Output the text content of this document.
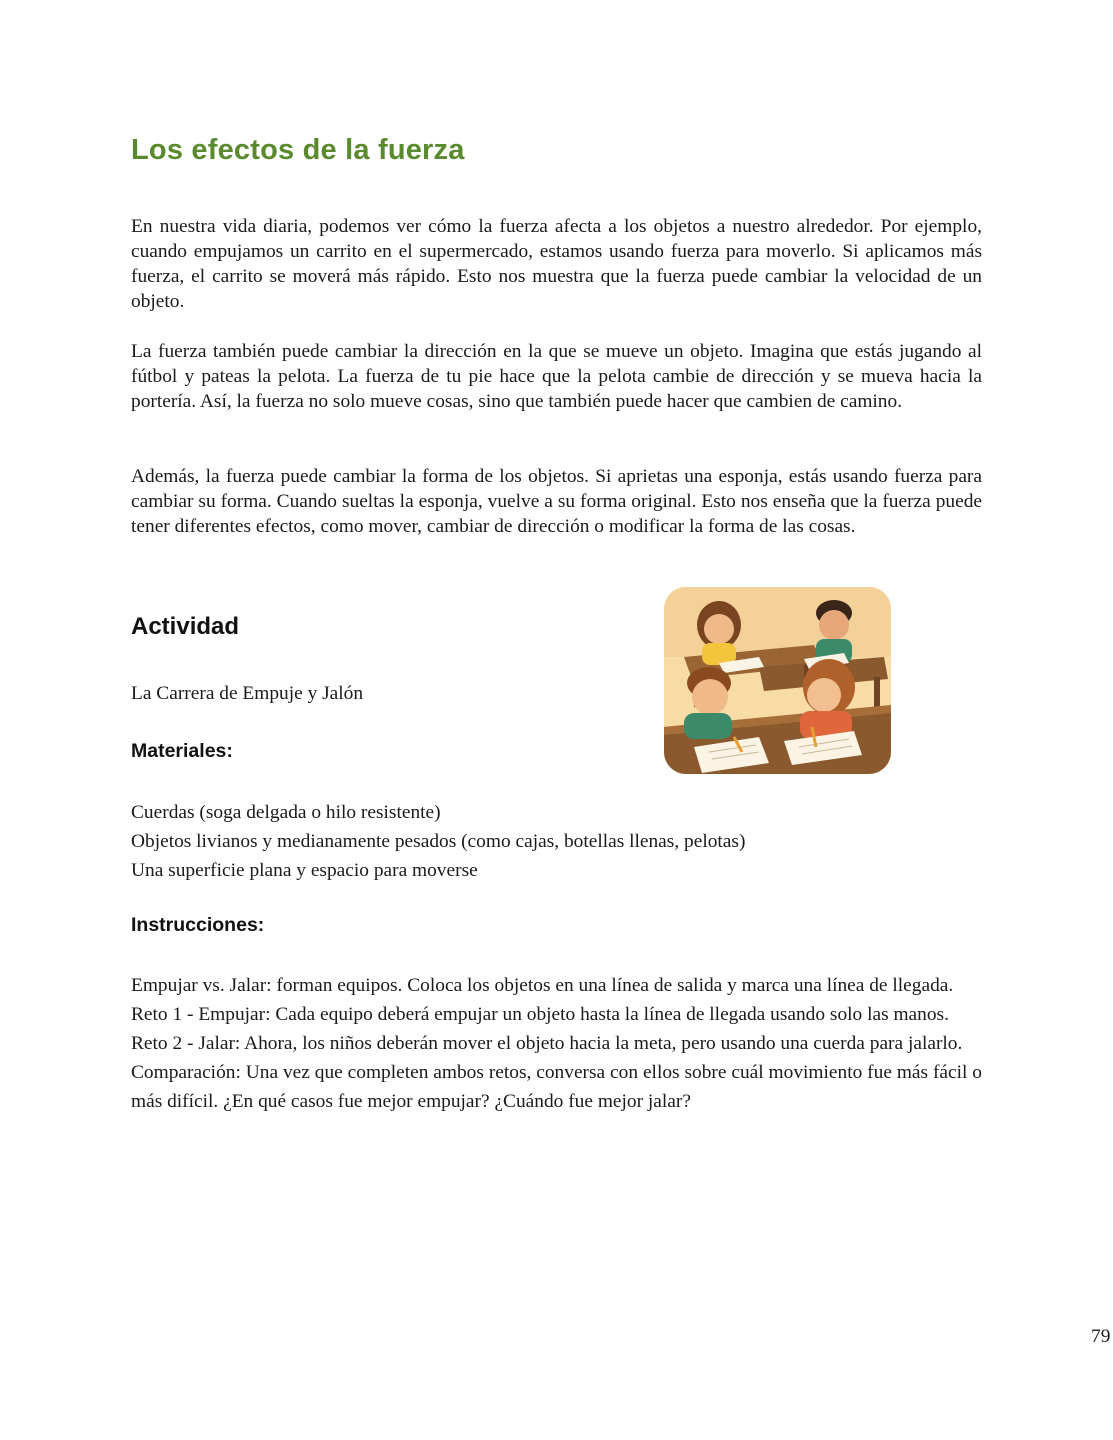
Los efectos de la fuerza

En nuestra vida diaria, podemos ver cómo la fuerza afecta a los objetos a nuestro alrededor. Por ejemplo, cuando empujamos un carrito en el supermercado, estamos usando fuerza para moverlo. Si aplicamos más fuerza, el carrito se moverá más rápido. Esto nos muestra que la fuerza puede cambiar la velocidad de un objeto.

La fuerza también puede cambiar la dirección en la que se mueve un objeto. Imagina que estás jugando al fútbol y pateas la pelota. La fuerza de tu pie hace que la pelota cambie de dirección y se mueva hacia la portería. Así, la fuerza no solo mueve cosas, sino que también puede hacer que cambien de camino.

Además, la fuerza puede cambiar la forma de los objetos. Si aprietas una esponja, estás usando fuerza para cambiar su forma. Cuando sueltas la esponja, vuelve a su forma original. Esto nos enseña que la fuerza puede tener diferentes efectos, como mover, cambiar de dirección o modificar la forma de las cosas.

Actividad

La Carrera de Empuje y Jalón

Materiales:
Cuerdas (soga delgada o hilo resistente)
Objetos livianos y medianamente pesados (como cajas, botellas llenas, pelotas)
Una superficie plana y espacio para moverse
Instrucciones:
Empujar vs. Jalar: forman equipos. Coloca los objetos en una línea de salida y marca una línea de llegada.
Reto 1 - Empujar: Cada equipo deberá empujar un objeto hasta la línea de llegada usando solo las manos.
Reto 2 - Jalar: Ahora, los niños deberán mover el objeto hacia la meta, pero usando una cuerda para jalarlo.
Comparación: Una vez que completen ambos retos, conversa con ellos sobre cuál movimiento fue más fácil o más difícil. ¿En qué casos fue mejor empujar? ¿Cuándo fue mejor jalar?

79
